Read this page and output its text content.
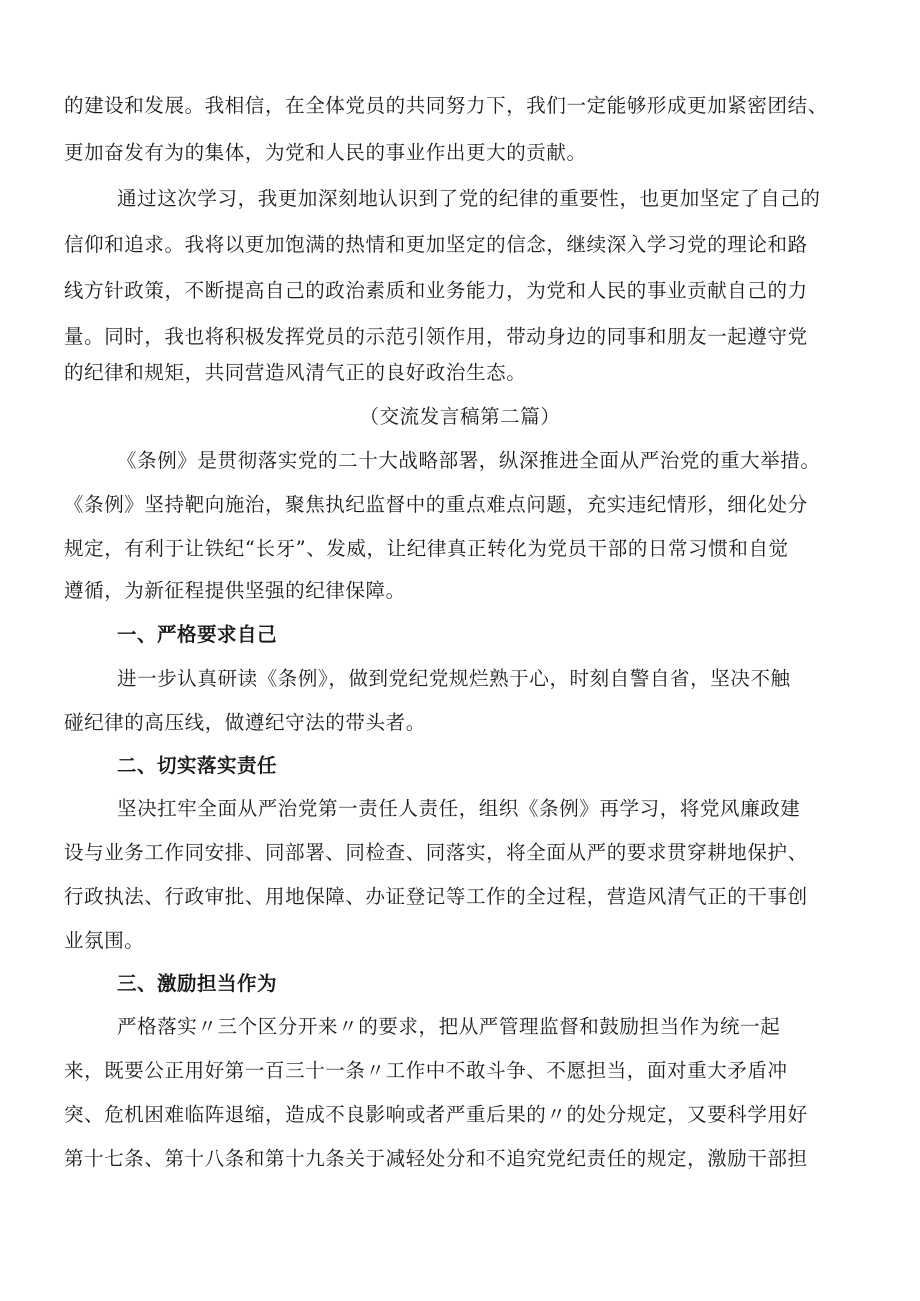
的建设和发展。我相信，在全体党员的共同努力下，我们一定能够形成更加紧密团结、
更加奋发有为的集体，为党和人民的事业作出更大的贡献。
通过这次学习，我更加深刻地认识到了党的纪律的重要性，也更加坚定了自己的
信仰和追求。我将以更加饱满的热情和更加坚定的信念，继续深入学习党的理论和路
线方针政策，不断提高自己的政治素质和业务能力，为党和人民的事业贡献自己的力
量。同时，我也将积极发挥党员的示范引领作用，带动身边的同事和朋友一起遵守党
的纪律和规矩，共同营造风清气正的良好政治生态。
（交流发言稿第二篇）
《条例》是贯彻落实党的二十大战略部署，纵深推进全面从严治党的重大举措。
《条例》坚持靶向施治，聚焦执纪监督中的重点难点问题，充实违纪情形，细化处分
规定，有利于让铁纪“长牙”、发威，让纪律真正转化为党员干部的日常习惯和自觉
遵循，为新征程提供坚强的纪律保障。
一、严格要求自己
进一步认真研读《条例》，做到党纪党规烂熟于心，时刻自警自省，坚决不触
碰纪律的高压线，做遵纪守法的带头者。
二、切实落实责任
坚决扛牢全面从严治党第一责任人责任，组织《条例》再学习，将党风廉政建
设与业务工作同安排、同部署、同检查、同落实，将全面从严的要求贯穿耕地保护、
行政执法、行政审批、用地保障、办证登记等工作的全过程，营造风清气正的干事创
业氛围。
三、激励担当作为
严格落实〃三个区分开来〃的要求，把从严管理监督和鼓励担当作为统一起
来，既要公正用好第一百三十一条〃工作中不敢斗争、不愿担当，面对重大矛盾冲
突、危机困难临阵退缩，造成不良影响或者严重后果的〃的处分规定，又要科学用好
第十七条、第十八条和第十九条关于减轻处分和不追究党纪责任的规定，激励干部担
